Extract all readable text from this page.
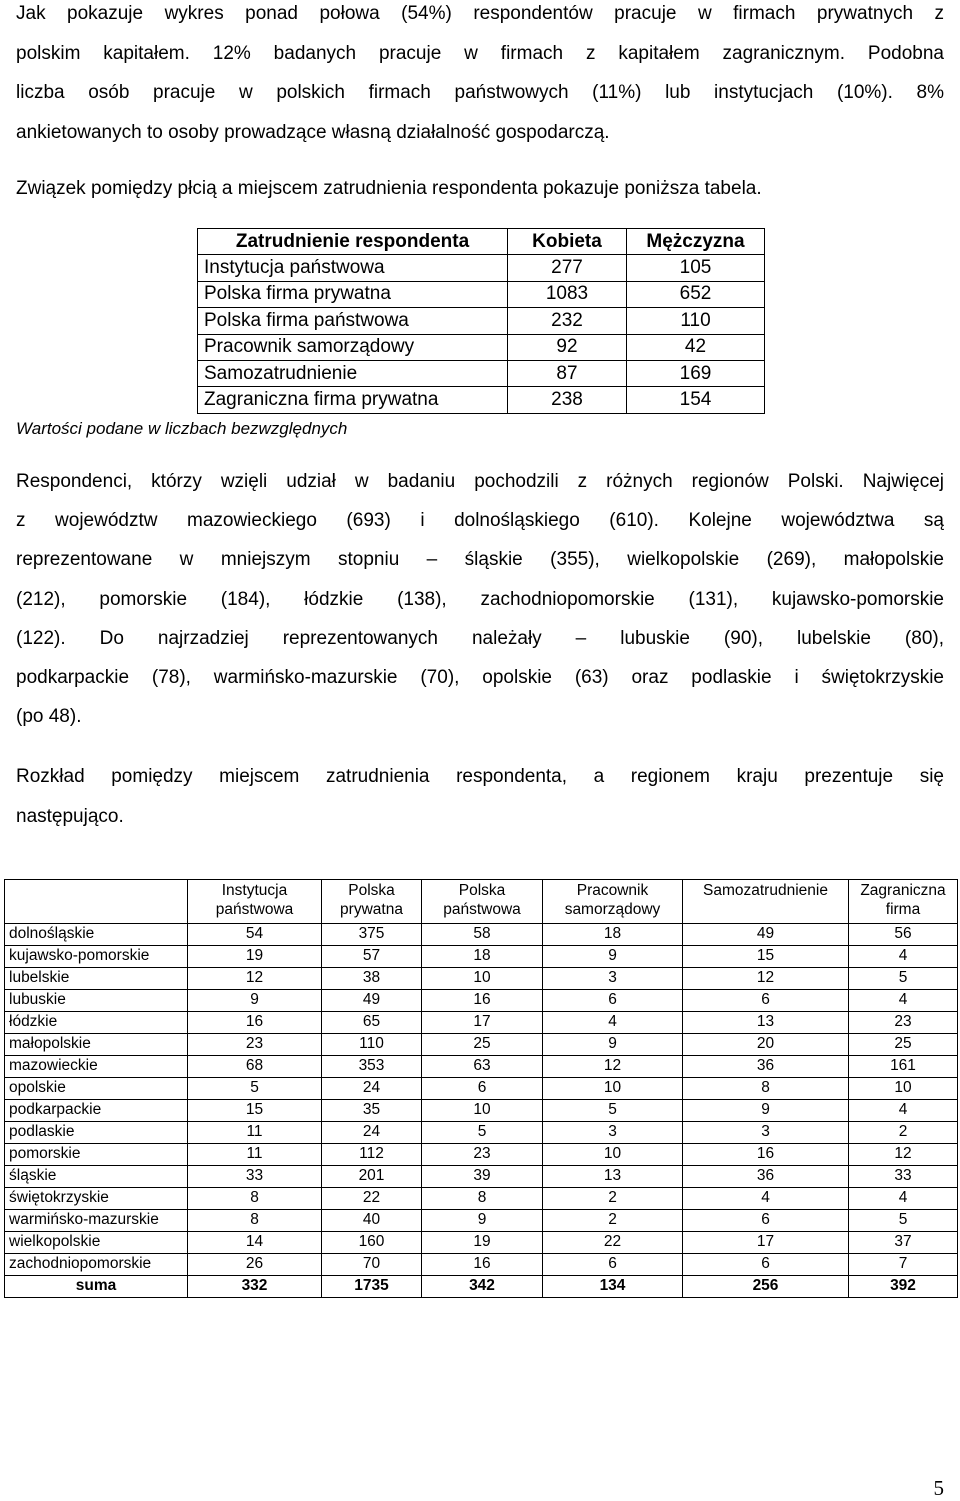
Jak pokazuje wykres ponad połowa (54%) respondentów pracuje w firmach prywatnych z
polskim kapitałem. 12% badanych pracuje w firmach z kapitałem zagranicznym. Podobna
liczba osób pracuje w polskich firmach państwowych (11%) lub instytucjach (10%). 8%
ankietowanych to osoby prowadzące własną działalność gospodarczą.

Związek pomiędzy płcią a miejscem zatrudnienia respondenta pokazuje poniższa tabela.

Zatrudnienie respondenta	Kobieta	Mężczyzna
Instytucja państwowa	277	105
Polska firma prywatna	1083	652
Polska firma państwowa	232	110
Pracownik samorządowy	92	42
Samozatrudnienie	87	169
Zagraniczna firma prywatna	238	154

Wartości podane w liczbach bezwzględnych

Respondenci, którzy wzięli udział w badaniu pochodzili z różnych regionów Polski. Najwięcej
z województw mazowieckiego (693) i dolnośląskiego (610). Kolejne województwa są
reprezentowane w mniejszym stopniu – śląskie (355), wielkopolskie (269), małopolskie
(212), pomorskie (184), łódzkie (138), zachodniopomorskie (131), kujawsko-pomorskie
(122). Do najrzadziej reprezentowanych należały – lubuskie (90), lubelskie (80),
podkarpackie (78), warmińsko-mazurskie (70), opolskie (63) oraz podlaskie i świętokrzyskie
(po 48).

Rozkład pomiędzy miejscem zatrudnienia respondenta, a regionem kraju prezentuje się
następująco.

	Instytucja państwowa	Polska prywatna	Polska państwowa	Pracownik samorządowy	Samozatrudnienie	Zagraniczna firma
dolnośląskie	54	375	58	18	49	56
kujawsko-pomorskie	19	57	18	9	15	4
lubelskie	12	38	10	3	12	5
lubuskie	9	49	16	6	6	4
łódzkie	16	65	17	4	13	23
małopolskie	23	110	25	9	20	25
mazowieckie	68	353	63	12	36	161
opolskie	5	24	6	10	8	10
podkarpackie	15	35	10	5	9	4
podlaskie	11	24	5	3	3	2
pomorskie	11	112	23	10	16	12
śląskie	33	201	39	13	36	33
świętokrzyskie	8	22	8	2	4	4
warmińsko-mazurskie	8	40	9	2	6	5
wielkopolskie	14	160	19	22	17	37
zachodniopomorskie	26	70	16	6	6	7
suma	332	1735	342	134	256	392

5
